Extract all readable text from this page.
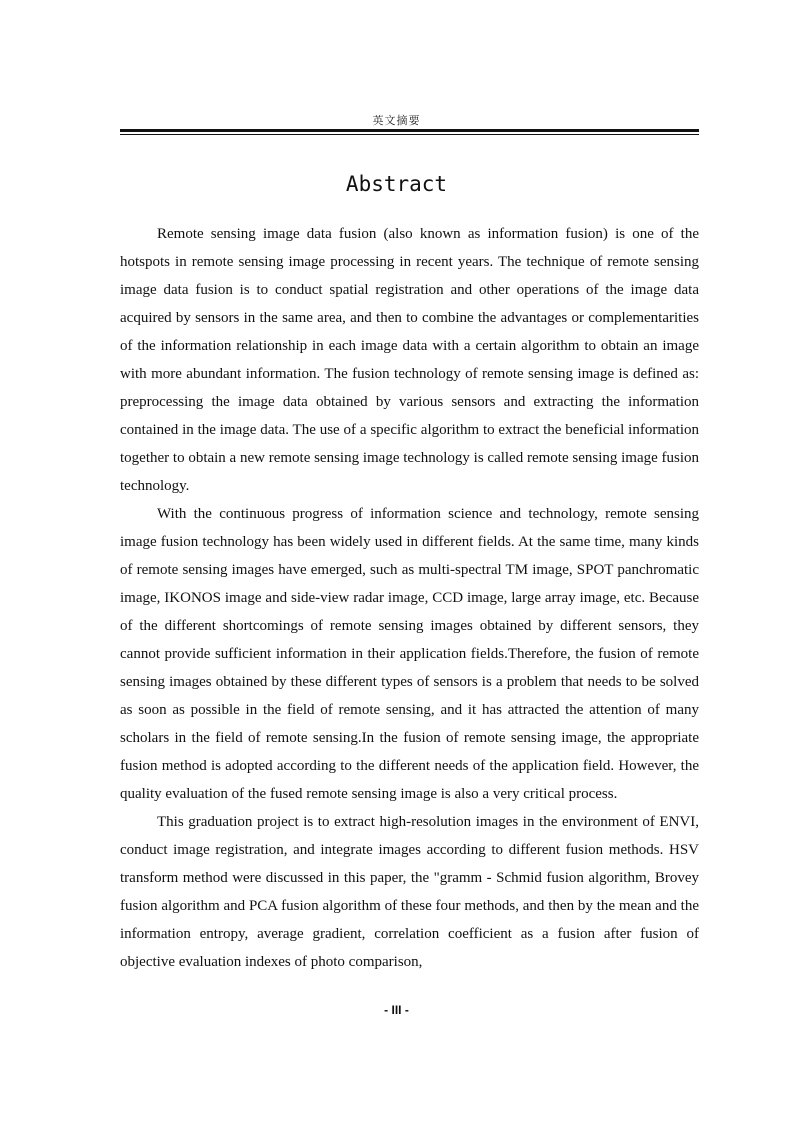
英文摘要
Abstract

Remote sensing image data fusion (also known as information fusion) is one of the hotspots in remote sensing image processing in recent years. The technique of remote sensing image data fusion is to conduct spatial registration and other operations of the image data acquired by sensors in the same area, and then to combine the advantages or complementarities of the information relationship in each image data with a certain algorithm to obtain an image with more abundant information. The fusion technology of remote sensing image is defined as: preprocessing the image data obtained by various sensors and extracting the information contained in the image data. The use of a specific algorithm to extract the beneficial information together to obtain a new remote sensing image technology is called remote sensing image fusion technology.

With the continuous progress of information science and technology, remote sensing image fusion technology has been widely used in different fields. At the same time, many kinds of remote sensing images have emerged, such as multi-spectral TM image, SPOT panchromatic image, IKONOS image and side-view radar image, CCD image, large array image, etc. Because of the different shortcomings of remote sensing images obtained by different sensors, they cannot provide sufficient information in their application fields.Therefore, the fusion of remote sensing images obtained by these different types of sensors is a problem that needs to be solved as soon as possible in the field of remote sensing, and it has attracted the attention of many scholars in the field of remote sensing.In the fusion of remote sensing image, the appropriate fusion method is adopted according to the different needs of the application field. However, the quality evaluation of the fused remote sensing image is also a very critical process.

This graduation project is to extract high-resolution images in the environment of ENVI, conduct image registration, and integrate images according to different fusion methods. HSV transform method were discussed in this paper, the "gramm - Schmid fusion algorithm, Brovey fusion algorithm and PCA fusion algorithm of these four methods, and then by the mean and the information entropy, average gradient, correlation coefficient as a fusion after fusion of objective evaluation indexes of photo comparison,

- III -
